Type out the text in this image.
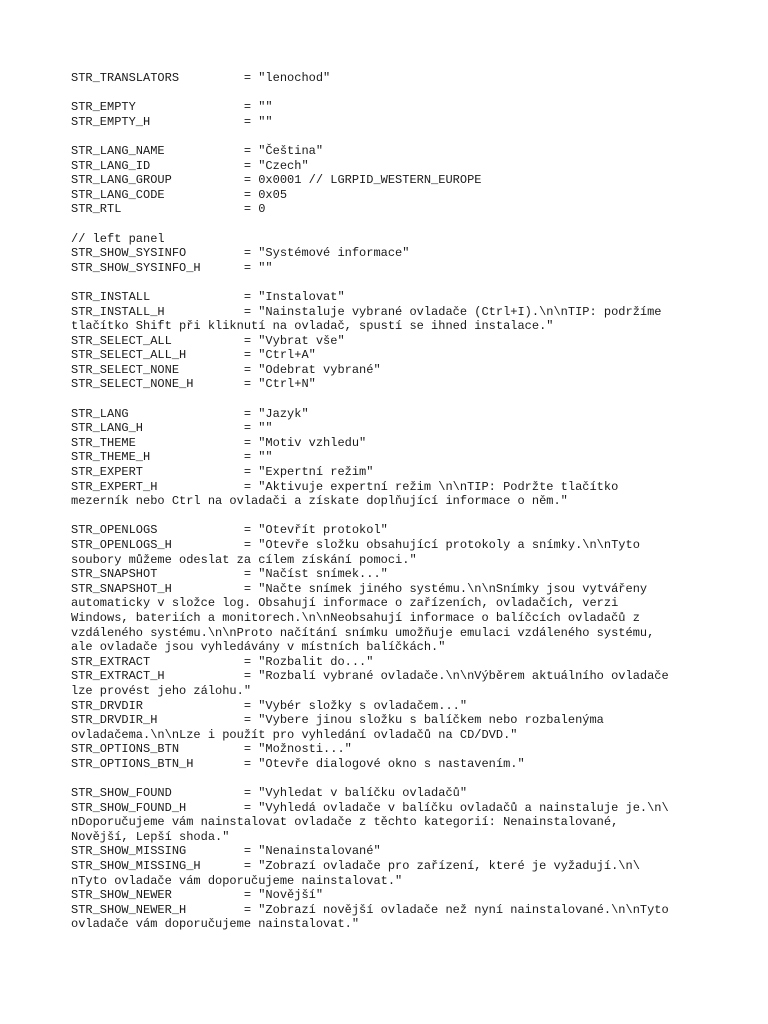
STR_TRANSLATORS         = "lenochod"
STR_EMPTY               = ""
STR_EMPTY_H             = ""
STR_LANG_NAME           = "Čeština"
STR_LANG_ID             = "Czech"
STR_LANG_GROUP          = 0x0001 // LGRPID_WESTERN_EUROPE
STR_LANG_CODE           = 0x05
STR_RTL                 = 0
// left panel
STR_SHOW_SYSINFO        = "Systémové informace"
STR_SHOW_SYSINFO_H      = ""
STR_INSTALL             = "Instalovat"
STR_INSTALL_H           = "Nainstaluje vybrané ovladače (Ctrl+I).\n\nTIP: podržíme
tlačítko Shift při kliknutí na ovladač, spustí se ihned instalace."
STR_SELECT_ALL          = "Vybrat vše"
STR_SELECT_ALL_H        = "Ctrl+A"
STR_SELECT_NONE         = "Odebrat vybrané"
STR_SELECT_NONE_H       = "Ctrl+N"
STR_LANG                = "Jazyk"
STR_LANG_H              = ""
STR_THEME               = "Motiv vzhledu"
STR_THEME_H             = ""
STR_EXPERT              = "Expertní režim"
STR_EXPERT_H            = "Aktivuje expertní režim \n\nTIP: Podržte tlačítko
mezerník nebo Ctrl na ovladači a získate doplňující informace o něm."
STR_OPENLOGS            = "Otevřít protokol"
STR_OPENLOGS_H          = "Otevře složku obsahující protokoly a snímky.\n\nTyto
soubory můžeme odeslat za cílem získání pomoci."
STR_SNAPSHOT            = "Načíst snímek..."
STR_SNAPSHOT_H          = "Načte snímek jiného systému.\n\nSnímky jsou vytvářeny
automaticky v složce log. Obsahují informace o zařízeních, ovladačích, verzi
Windows, bateriích a monitorech.\n\nNeobsahují informace o balíčcích ovladačů z
vzdáleného systému.\n\nProto načítání snímku umožňuje emulaci vzdáleného systému,
ale ovladače jsou vyhledávány v místních balíčkách."
STR_EXTRACT             = "Rozbalit do..."
STR_EXTRACT_H           = "Rozbalí vybrané ovladače.\n\nVýběrem aktuálního ovladače
lze provést jeho zálohu."
STR_DRVDIR              = "Vybér složky s ovladačem..."
STR_DRVDIR_H            = "Vybere jinou složku s balíčkem nebo rozbalenýma
ovladačema.\n\nLze i použít pro vyhledání ovladačů na CD/DVD."
STR_OPTIONS_BTN         = "Možnosti..."
STR_OPTIONS_BTN_H       = "Otevře dialogové okno s nastavením."
STR_SHOW_FOUND          = "Vyhledat v balíčku ovladačů"
STR_SHOW_FOUND_H        = "Vyhledá ovladače v balíčku ovladačů a nainstaluje je.\n\
nDoporučujeme vám nainstalovat ovladače z těchto kategorií: Nenainstalované,
Novější, Lepší shoda."
STR_SHOW_MISSING        = "Nenainstalované"
STR_SHOW_MISSING_H      = "Zobrazí ovladače pro zařízení, které je vyžadují.\n\
nTyto ovladače vám doporučujeme nainstalovat."
STR_SHOW_NEWER          = "Novější"
STR_SHOW_NEWER_H        = "Zobrazí novější ovladače než nyní nainstalované.\n\nTyto
ovladače vám doporučujeme nainstalovat."
